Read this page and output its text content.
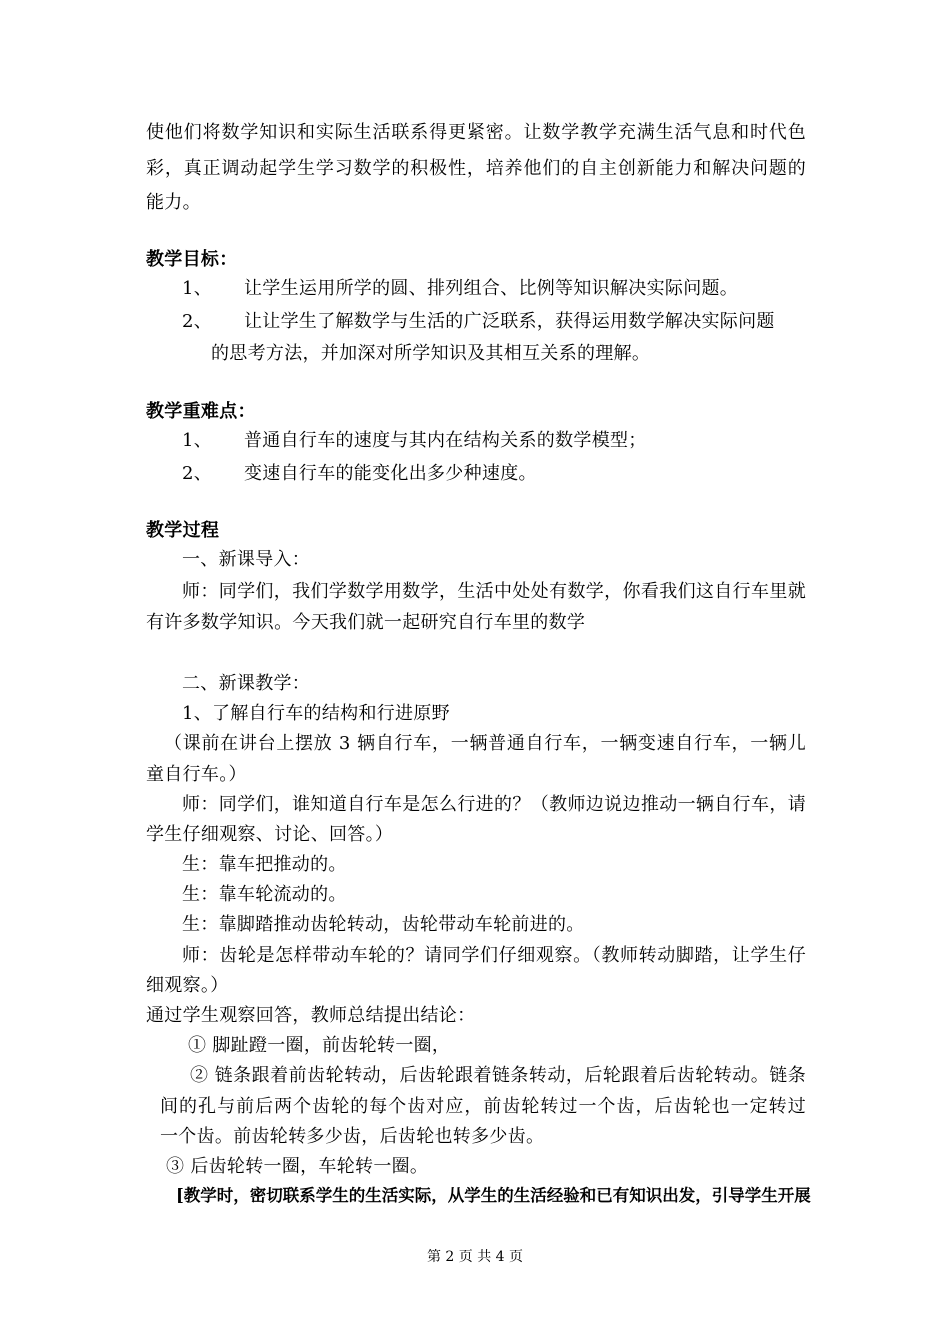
使他们将数学知识和实际生活联系得更紧密。让数学教学充满生活气息和时代色
彩，真正调动起学生学习数学的积极性，培养他们的自主创新能力和解决问题的
能力。
教学目标：
1、 让学生运用所学的圆、排列组合、比例等知识解决实际问题。
2、 让让学生了解数学与生活的广泛联系，获得运用数学解决实际问题
的思考方法，并加深对所学知识及其相互关系的理解。
教学重难点：
1、 普通自行车的速度与其内在结构关系的数学模型；
2、 变速自行车的能变化出多少种速度。
教学过程
一、新课导入：
师：同学们，我们学数学用数学，生活中处处有数学，你看我们这自行车里就
有许多数学知识。今天我们就一起研究自行车里的数学
二、新课教学：
1、了解自行车的结构和行进原野
（课前在讲台上摆放 3 辆自行车，一辆普通自行车，一辆变速自行车，一辆儿
童自行车。）
师：同学们，谁知道自行车是怎么行进的？（教师边说边推动一辆自行车，请
学生仔细观察、讨论、回答。）
生：靠车把推动的。
生：靠车轮流动的。
生：靠脚踏推动齿轮转动，齿轮带动车轮前进的。
师：齿轮是怎样带动车轮的？请同学们仔细观察。（教师转动脚踏，让学生仔
细观察。）
通过学生观察回答，教师总结提出结论：
① 脚趾蹬一圈，前齿轮转一圈，
② 链条跟着前齿轮转动，后齿轮跟着链条转动，后轮跟着后齿轮转动。链条
间的孔与前后两个齿轮的每个齿对应，前齿轮转过一个齿，后齿轮也一定转过
一个齿。前齿轮转多少齿，后齿轮也转多少齿。
③ 后齿轮转一圈，车轮转一圈。
[教学时，密切联系学生的生活实际，从学生的生活经验和已有知识出发，引导学生开展
第 2 页 共 4 页
